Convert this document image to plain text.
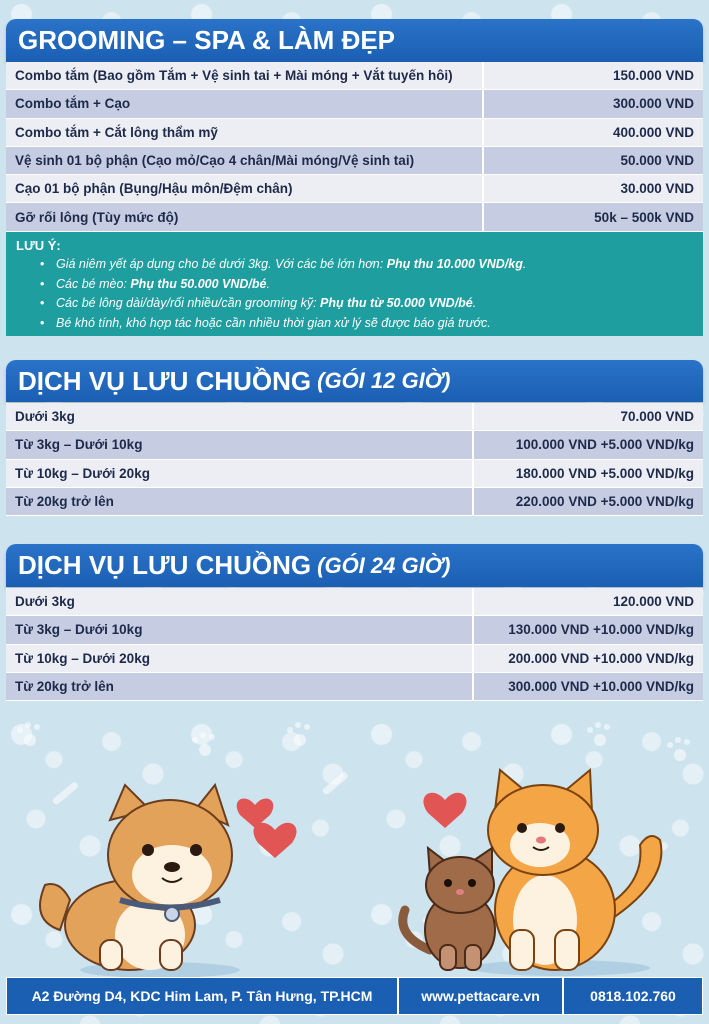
GROOMING – SPA & LÀM ĐẸP
Combo tắm (Bao gồm Tắm + Vệ sinh tai + Mài móng + Vắt tuyến hôi)	150.000 VND
Combo tắm + Cạo	300.000 VND
Combo tắm + Cắt lông thẩm mỹ	400.000 VND
Vệ sinh 01 bộ phận (Cạo mỏ/Cạo 4 chân/Mài móng/Vệ sinh tai)	50.000 VND
Cạo 01 bộ phận (Bụng/Hậu môn/Đệm chân)	30.000 VND
Gỡ rối lông (Tùy mức độ)	50k – 500k VND
LƯU Ý:
• Giá niêm yết áp dụng cho bé dưới 3kg. Với các bé lớn hơn: Phụ thu 10.000 VND/kg.
• Các bé mèo: Phụ thu 50.000 VND/bé.
• Các bé lông dài/dày/rối nhiều/cần grooming kỹ: Phụ thu từ 50.000 VND/bé.
• Bé khó tính, khó hợp tác hoặc cần nhiều thời gian xử lý sẽ được báo giá trước.
DỊCH VỤ LƯU CHUỒNG (GÓI 12 GIỜ)
Dưới 3kg	70.000 VND
Từ 3kg – Dưới 10kg	100.000 VND +5.000 VND/kg
Từ 10kg – Dưới 20kg	180.000 VND +5.000 VND/kg
Từ 20kg trở lên	220.000 VND +5.000 VND/kg
DỊCH VỤ LƯU CHUỒNG (GÓI 24 GIỜ)
Dưới 3kg	120.000 VND
Từ 3kg – Dưới 10kg	130.000 VND +10.000 VND/kg
Từ 10kg – Dưới 20kg	200.000 VND +10.000 VND/kg
Từ 20kg trở lên	300.000 VND +10.000 VND/kg
A2 Đường D4, KDC Him Lam, P. Tân Hưng, TP.HCM	www.pettacare.vn	0818.102.760
